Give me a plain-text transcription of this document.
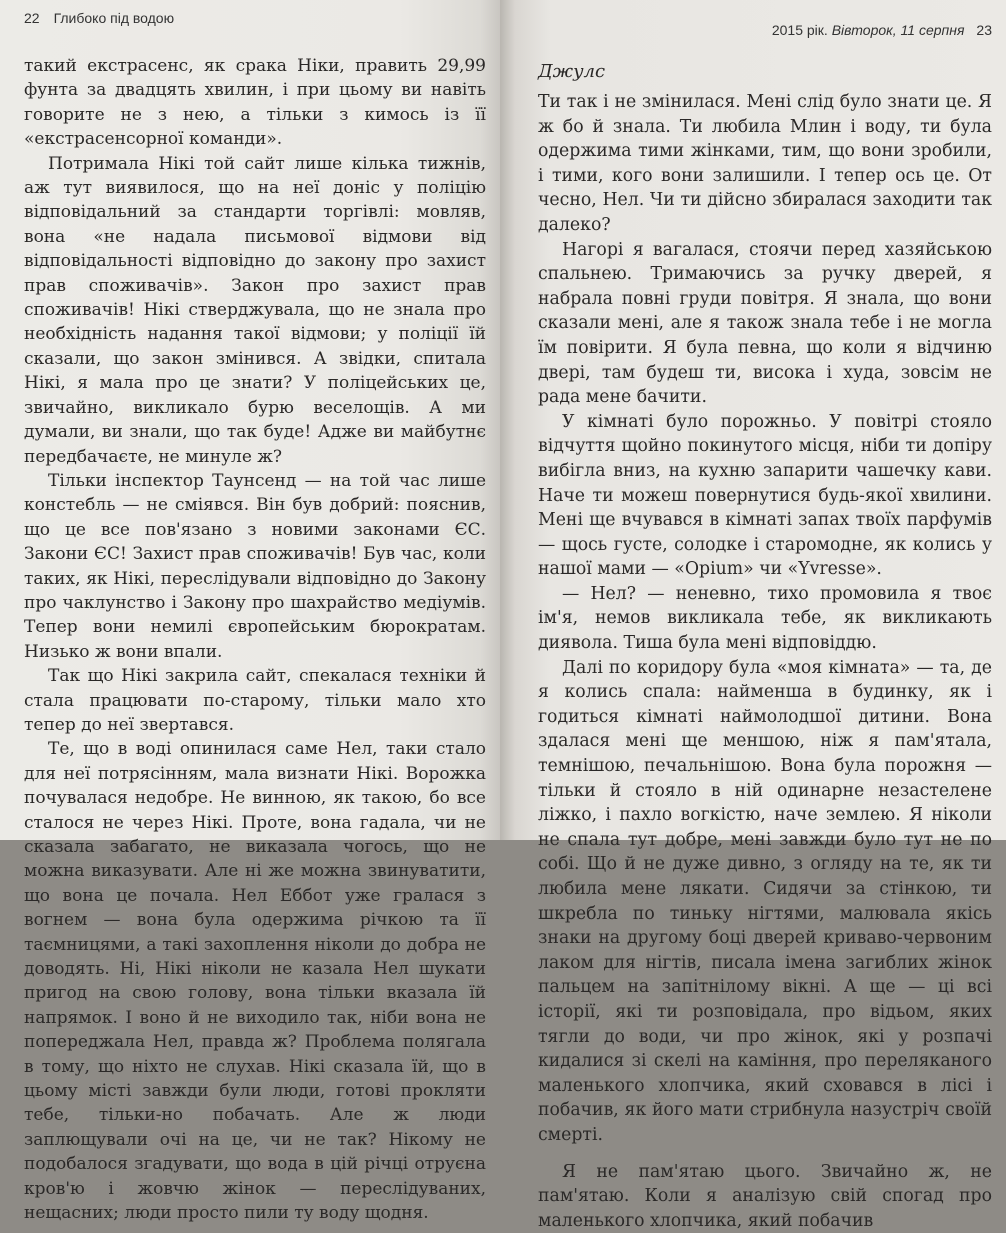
22 Глибоко під водою

такий екстрасенс, як срака Ніки, править 29,99 фунта за двадцять хвилин, і при цьому ви навіть говорите не з нею, а тільки з кимось із її «екстрасенсорної команди».

Потримала Нікі той сайт лише кілька тижнів, аж тут виявилося, що на неї доніс у поліцію відповідальний за стандарти торгівлі: мовляв, вона «не надала письмової відмови від відповідальності відповідно до закону про захист прав споживачів». Закон про захист прав споживачів! Нікі стверджувала, що не знала про необхідність надання такої відмови; у поліції їй сказали, що закон змінився. А звідки, спитала Нікі, я мала про це знати? У поліцейських це, звичайно, викликало бурю веселощів. А ми думали, ви знали, що так буде! Адже ви майбутнє передбачаєте, не минуле ж?

Тільки інспектор Таунсенд — на той час лише констебль — не сміявся. Він був добрий: пояснив, що це все пов'язано з новими законами ЄС. Закони ЄС! Захист прав споживачів! Був час, коли таких, як Нікі, переслідували відповідно до Закону про чаклунство і Закону про шахрайство медіумів. Тепер вони немилі європейським бюрократам. Низько ж вони впали.

Так що Нікі закрила сайт, спекалася техніки й стала працювати по-старому, тільки мало хто тепер до неї звертався.

Те, що в воді опинилася саме Нел, таки стало для неї потрясінням, мала визнати Нікі. Ворожка почувалася недобре. Не винною, як такою, бо все сталося не через Нікі. Проте, вона гадала, чи не сказала забагато, не виказала чогось, що не можна виказувати. Але ні же можна звинуватити, що вона це почала. Нел Еббот уже гралася з вогнем — вона була одержима річкою та її таємницями, а такі захоплення ніколи до добра не доводять. Ні, Нікі ніколи не казала Нел шукати пригод на свою голову, вона тільки вказала їй напрямок. І воно й не виходило так, ніби вона не попереджала Нел, правда ж? Проблема полягала в тому, що ніхто не слухав. Нікі сказала їй, що в цьому місті завжди були люди, готові прокляти тебе, тільки-но побачать. Але ж люди заплющували очі на це, чи не так? Нікому не подобалося згадувати, що вода в цій річці отруєна кров'ю і жовчю жінок — переслідуваних, нещасних; люди просто пили ту воду щодня.

2015 рік. Вівторок, 11 серпня 23
Джулс

Ти так і не змінилася. Мені слід було знати це. Я ж бо й знала. Ти любила Млин і воду, ти була одержима тими жінками, тим, що вони зробили, і тими, кого вони залишили. І тепер ось це. От чесно, Нел. Чи ти дійсно збиралася заходити так далеко?

Нагорі я вагалася, стоячи перед хазяйською спальнею. Тримаючись за ручку дверей, я набрала повні груди повітря. Я знала, що вони сказали мені, але я також знала тебе і не могла їм повірити. Я була певна, що коли я відчиню двері, там будеш ти, висока і худа, зовсім не рада мене бачити.

У кімнаті було порожньо. У повітрі стояло відчуття щойно покинутого місця, ніби ти допіру вибігла вниз, на кухню запарити чашечку кави. Наче ти можеш повернутися будь-якої хвилини. Мені ще вчувався в кімнаті запах твоїх парфумів — щось густе, солодке і старомодне, як колись у нашої мами — «Opium» чи «Yvresse».

— Нел? — неневно, тихо промовила я твоє ім'я, немов викликала тебе, як викликають диявола. Тиша була мені відповіддю.

Далі по коридору була «моя кімната» — та, де я колись спала: найменша в будинку, як і годиться кімнаті наймолодшої дитини. Вона здалася мені ще меншою, ніж я пам'ятала, темнішою, печальнішою. Вона була порожня — тільки й стояло в ній одинарне незастелене ліжко, і пахло вогкістю, наче землею. Я ніколи не спала тут добре, мені завжди було тут не по собі. Що й не дуже дивно, з огляду на те, як ти любила мене лякати. Сидячи за стінкою, ти шкребла по тиньку нігтями, малювала якісь знаки на другому боці дверей криваво-червоним лаком для нігтів, писала імена загиблих жінок пальцем на запітнілому вікні. А ще — ці всі історії, які ти розповідала, про відьом, яких тягли до води, чи про жінок, які у розпачі кидалися зі скелі на каміння, про переляканого маленького хлопчика, який сховався в лісі і побачив, як його мати стрибнула назустріч своїй смерті.

Я не пам'ятаю цього. Звичайно ж, не пам'ятаю. Коли я аналізую свій спогад про маленького хлопчика, який побачив
